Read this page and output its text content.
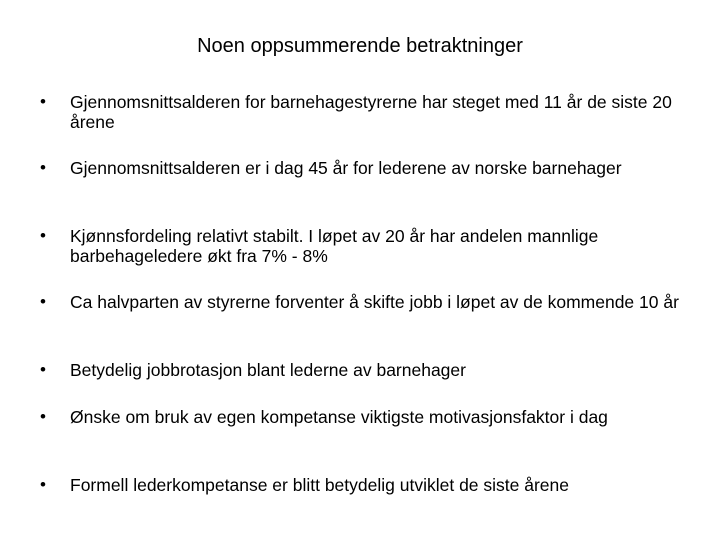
Noen oppsummerende betraktninger
• Gjennomsnittsalderen for barnehagestyrerne har steget med 11 år de siste 20 årene
• Gjennomsnittsalderen er i dag 45 år for lederene av norske barnehager
• Kjønnsfordeling relativt stabilt. I løpet av 20 år har andelen mannlige barbehageledere økt fra 7% - 8%
• Ca halvparten av styrerne forventer å skifte jobb i løpet av de kommende 10 år
• Betydelig jobbrotasjon blant lederne av barnehager
• Ønske om bruk av egen kompetanse viktigste motivasjonsfaktor i dag
• Formell lederkompetanse er blitt betydelig utviklet de siste årene
